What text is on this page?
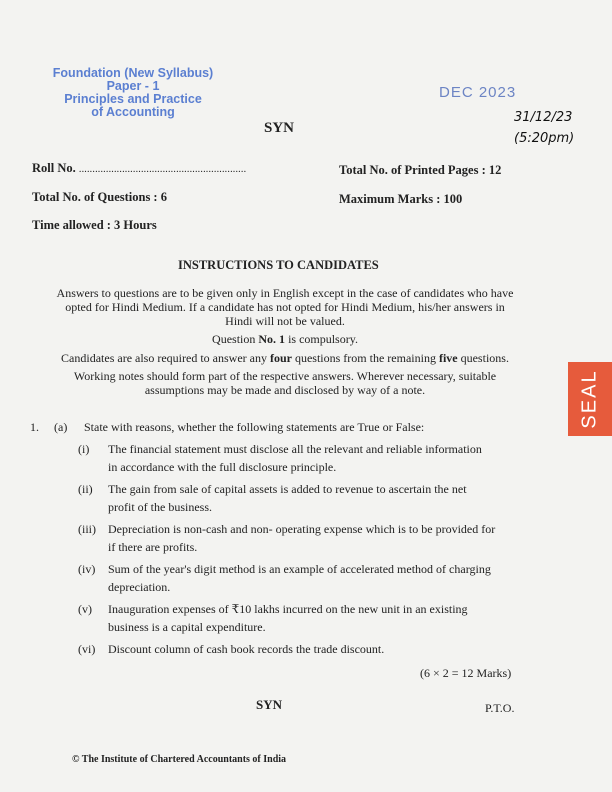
Foundation (New Syllabus)
Paper - 1
Principles and Practice
of Accounting
DEC 2023
31/12/23
(5:20pm)
SYN
Roll No. ..............................................................	Total No. of Printed Pages : 12
Total No. of Questions : 6	Maximum Marks : 100
Time allowed : 3 Hours
INSTRUCTIONS TO CANDIDATES
Answers to questions are to be given only in English except in the case of candidates who have
opted for Hindi Medium. If a candidate has not opted for Hindi Medium, his/her answers in
Hindi will not be valued.
Question No. 1 is compulsory.
Candidates are also required to answer any four questions from the remaining five questions.
Working notes should form part of the respective answers. Wherever necessary, suitable
assumptions may be made and disclosed by way of a note.	SEAL
1. (a) State with reasons, whether the following statements are True or False:
(i)	The financial statement must disclose all the relevant and reliable information
in accordance with the full disclosure principle.
(ii)	The gain from sale of capital assets is added to revenue to ascertain the net
profit of the business.
(iii)	Depreciation is non-cash and non- operating expense which is to be provided for
if there are profits.
(iv)	Sum of the year's digit method is an example of accelerated method of charging
depreciation.
(v)	Inauguration expenses of ₹10 lakhs incurred on the new unit in an existing
business is a capital expenditure.
(vi)	Discount column of cash book records the trade discount.
(6 × 2 = 12 Marks)
SYN	P.T.O.
© The Institute of Chartered Accountants of India
